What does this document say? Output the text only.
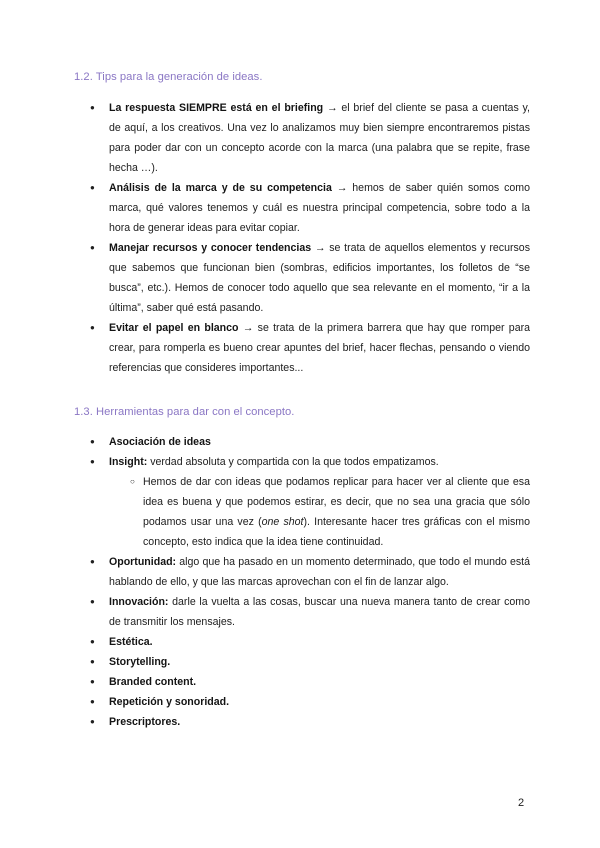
1.2. Tips para la generación de ideas.
● La respuesta SIEMPRE está en el briefing → el brief del cliente se pasa a cuentas y, de aquí, a los creativos. Una vez lo analizamos muy bien siempre encontraremos pistas para poder dar con un concepto acorde con la marca (una palabra que se repite, frase hecha …).
● Análisis de la marca y de su competencia → hemos de saber quién somos como marca, qué valores tenemos y cuál es nuestra principal competencia, sobre todo a la hora de generar ideas para evitar copiar.
● Manejar recursos y conocer tendencias → se trata de aquellos elementos y recursos que sabemos que funcionan bien (sombras, edificios importantes, los folletos de “se busca”, etc.). Hemos de conocer todo aquello que sea relevante en el momento, “ir a la última”, saber qué está pasando.
● Evitar el papel en blanco → se trata de la primera barrera que hay que romper para crear, para romperla es bueno crear apuntes del brief, hacer flechas, pensando o viendo referencias que consideres importantes...
1.3. Herramientas para dar con el concepto.
● Asociación de ideas
● Insight: verdad absoluta y compartida con la que todos empatizamos.
○ Hemos de dar con ideas que podamos replicar para hacer ver al cliente que esa idea es buena y que podemos estirar, es decir, que no sea una gracia que sólo podamos usar una vez (one shot). Interesante hacer tres gráficas con el mismo concepto, esto indica que la idea tiene continuidad.
● Oportunidad: algo que ha pasado en un momento determinado, que todo el mundo está hablando de ello, y que las marcas aprovechan con el fin de lanzar algo.
● Innovación: darle la vuelta a las cosas, buscar una nueva manera tanto de crear como de transmitir los mensajes.
● Estética.
● Storytelling.
● Branded content.
● Repetición y sonoridad.
● Prescriptores.
2
